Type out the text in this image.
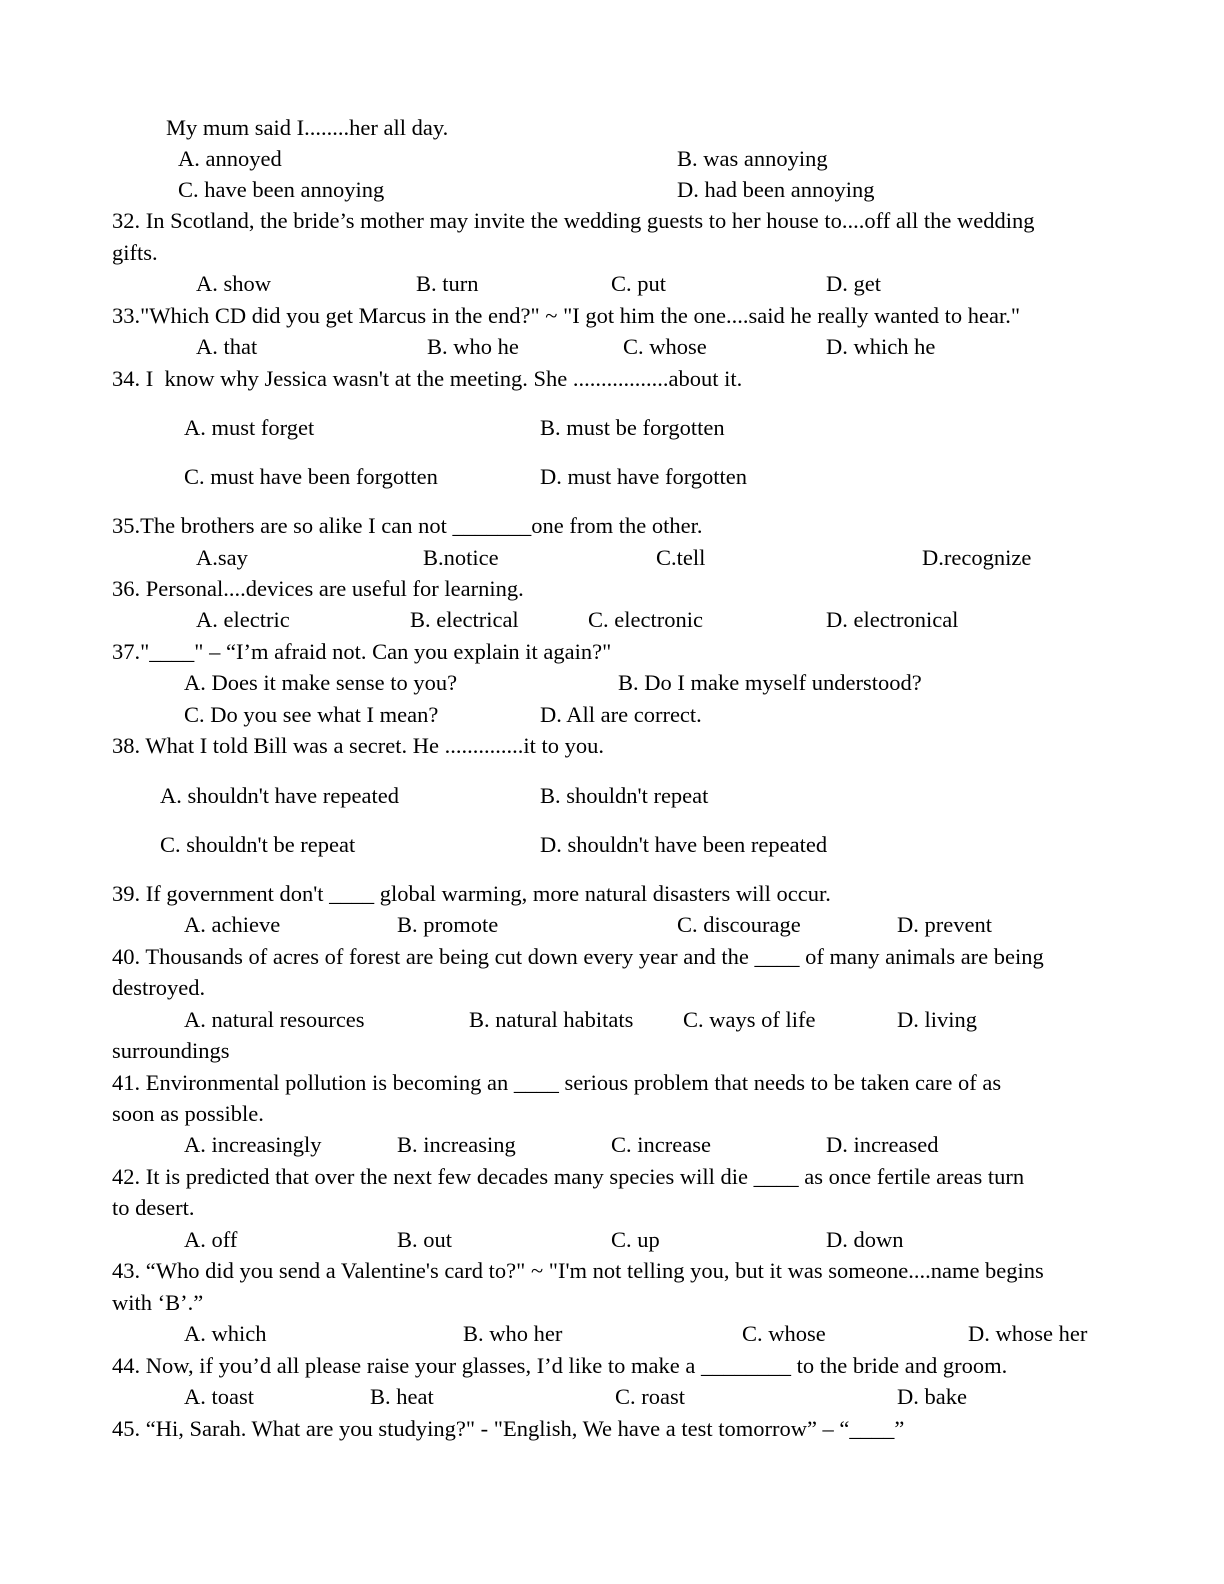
My mum said I........her all day.
A. annoyed	B. was annoying
C. have been annoying	D. had been annoying
32. In Scotland, the bride’s mother may invite the wedding guests to her house to....off all the wedding
gifts.
A. show	B. turn	C. put	D. get
33."Which CD did you get Marcus in the end?" ~ "I got him the one....said he really wanted to hear."
A. that	B. who he	C. whose	D. which he
34. I  know why Jessica wasn't at the meeting. She .................about it.
A. must forget	B. must be forgotten
C. must have been forgotten	D. must have forgotten
35.The brothers are so alike I can not _______one from the other.
A.say	B.notice	C.tell	D.recognize
36. Personal....devices are useful for learning.
A. electric	B. electrical	C. electronic	D. electronical
37."____" – “I’m afraid not. Can you explain it again?"
A. Does it make sense to you?	B. Do I make myself understood?
C. Do you see what I mean?	D. All are correct.
38. What I told Bill was a secret. He ..............it to you.
A. shouldn't have repeated	B. shouldn't repeat
C. shouldn't be repeat	D. shouldn't have been repeated
39. If government don't ____ global warming, more natural disasters will occur.
A. achieve	B. promote	C. discourage	D. prevent
40. Thousands of acres of forest are being cut down every year and the ____ of many animals are being
destroyed.
A. natural resources	B. natural habitats C. ways of life	D. living
surroundings
41. Environmental pollution is becoming an ____ serious problem that needs to be taken care of as
soon as possible.
A. increasingly	B. increasing	C. increase	D. increased
42. It is predicted that over the next few decades many species will die ____ as once fertile areas turn
to desert.
A. off	B. out	C. up	D. down
43. “Who did you send a Valentine's card to?" ~ "I'm not telling you, but it was someone....name begins
with ‘B’.”
A. which	B. who her	C. whose	D. whose her
44. Now, if you’d all please raise your glasses, I’d like to make a ________ to the bride and groom.
A. toast	B. heat	C. roast	D. bake
45. “Hi, Sarah. What are you studying?" - "English, We have a test tomorrow” – “____”
